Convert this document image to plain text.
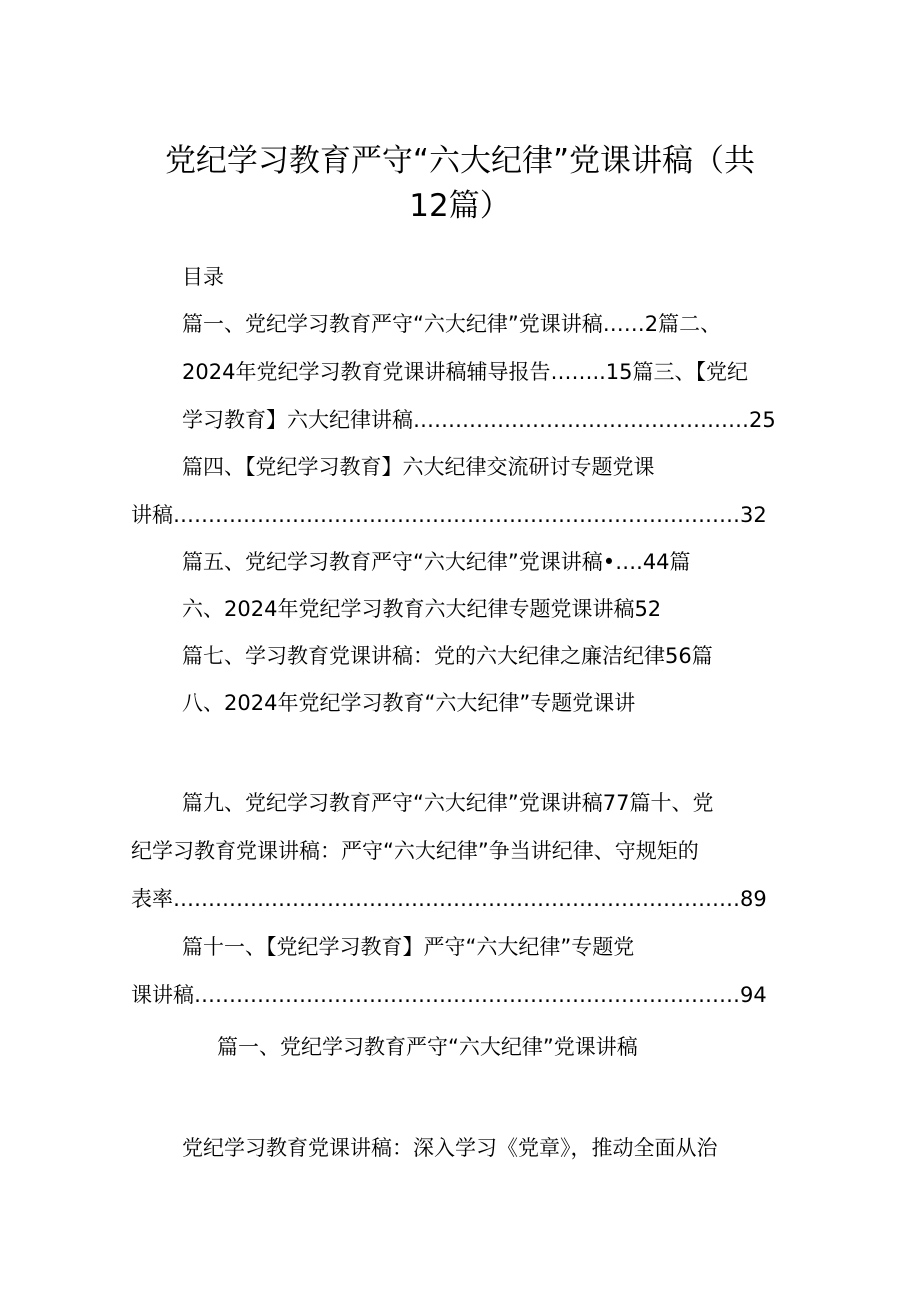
党纪学习教育严守“六大纪律”党课讲稿（共
12篇）
目录
篇一、党纪学习教育严守“六大纪律”党课讲稿……2篇二、
2024年党纪学习教育党课讲稿辅导报告……..15篇三、【党纪
学习教育】六大纪律讲稿…………………………………………25
篇四、【党纪学习教育】六大纪律交流研讨专题党课
讲稿………………………………………………………………………32
篇五、党纪学习教育严守“六大纪律”党课讲稿•….44篇
六、2024年党纪学习教育六大纪律专题党课讲稿52
篇七、学习教育党课讲稿：党的六大纪律之廉洁纪律56篇
八、2024年党纪学习教育“六大纪律”专题党课讲
篇九、党纪学习教育严守“六大纪律”党课讲稿77篇十、党
纪学习教育党课讲稿：严守“六大纪律”争当讲纪律、守规矩的
表率………………………………………………………………………89
篇十一、【党纪学习教育】严守“六大纪律”专题党
课讲稿……………………………………………………………………94
篇一、党纪学习教育严守“六大纪律”党课讲稿
党纪学习教育党课讲稿：深入学习《党章》，推动全面从治
